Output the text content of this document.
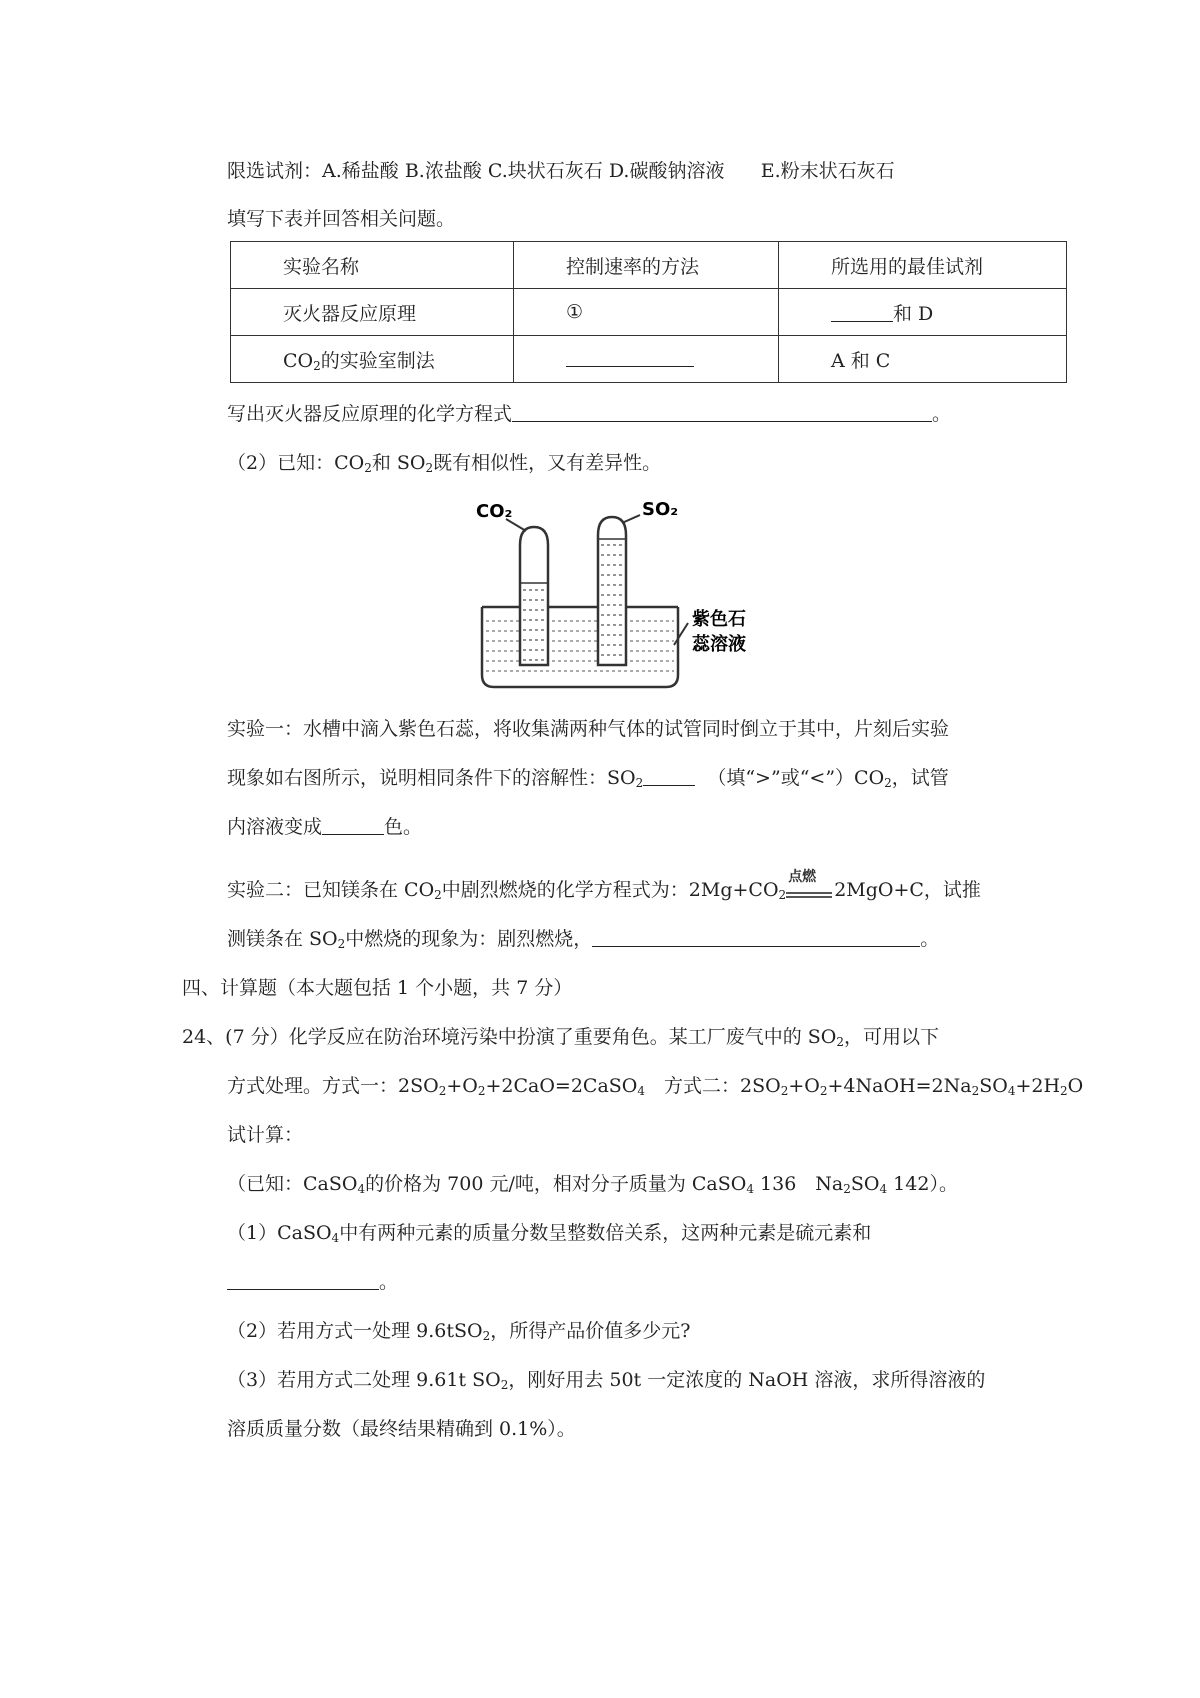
限选试剂：A.稀盐酸 B.浓盐酸 C.块状石灰石 D.碳酸钠溶液 E.粉末状石灰石
填写下表并回答相关问题。
实验名称	控制速率的方法	所选用的最佳试剂
灭火器反应原理	①	和 D
$CO_2$的实验室制法		A 和 C
写出灭火器反应原理的化学方程式	。
（2）已知：$CO_2$和 $SO_2$既有相似性，又有差异性。
CO₂	SO₂
紫色石
蕊溶液
实验一：水槽中滴入紫色石蕊，将收集满两种气体的试管同时倒立于其中，片刻后实验
现象如右图所示，说明相同条件下的溶解性：$SO_2$	（填“>”或“$<”)CO_2$，试管
内溶液变成	色。
实验二：已知镁条在 $CO_2$中剧烈燃烧的化学方程式为：$2Mg+CO_2$
点燃
2MgO+C，试推
测镁条在 $SO_2$中燃烧的现象为：剧烈燃烧，	。
四、计算题（本大题包括 1 个小题，共 7 分）
24、(7 分）化学反应在防治环境污染中扮演了重要角色。某工厂废气中的 $SO_2$，可用以下
方式处理。方式一：$2SO_2+O_2+2CaO=2CaSO_4$　方式二：$2SO_2+O_2+4NaOH=2Na_2SO_4+2H_2O$
试计算：
（已知：CaSO$_4$的价格为 700 元/吨，相对分子质量为 CaSO$_4$ 136　$Na_2SO_4$ 142）。
（1）CaSO$_4$中有两种元素的质量分数呈整数倍关系，这两种元素是硫元素和
。
（2）若用方式一处理 9.6tSO$_2$，所得产品价值多少元?
（3）若用方式二处理 9.61t $SO_2$，刚好用去 50t 一定浓度的 NaOH 溶液，求所得溶液的
溶质质量分数（最终结果精确到 0.1%）。
